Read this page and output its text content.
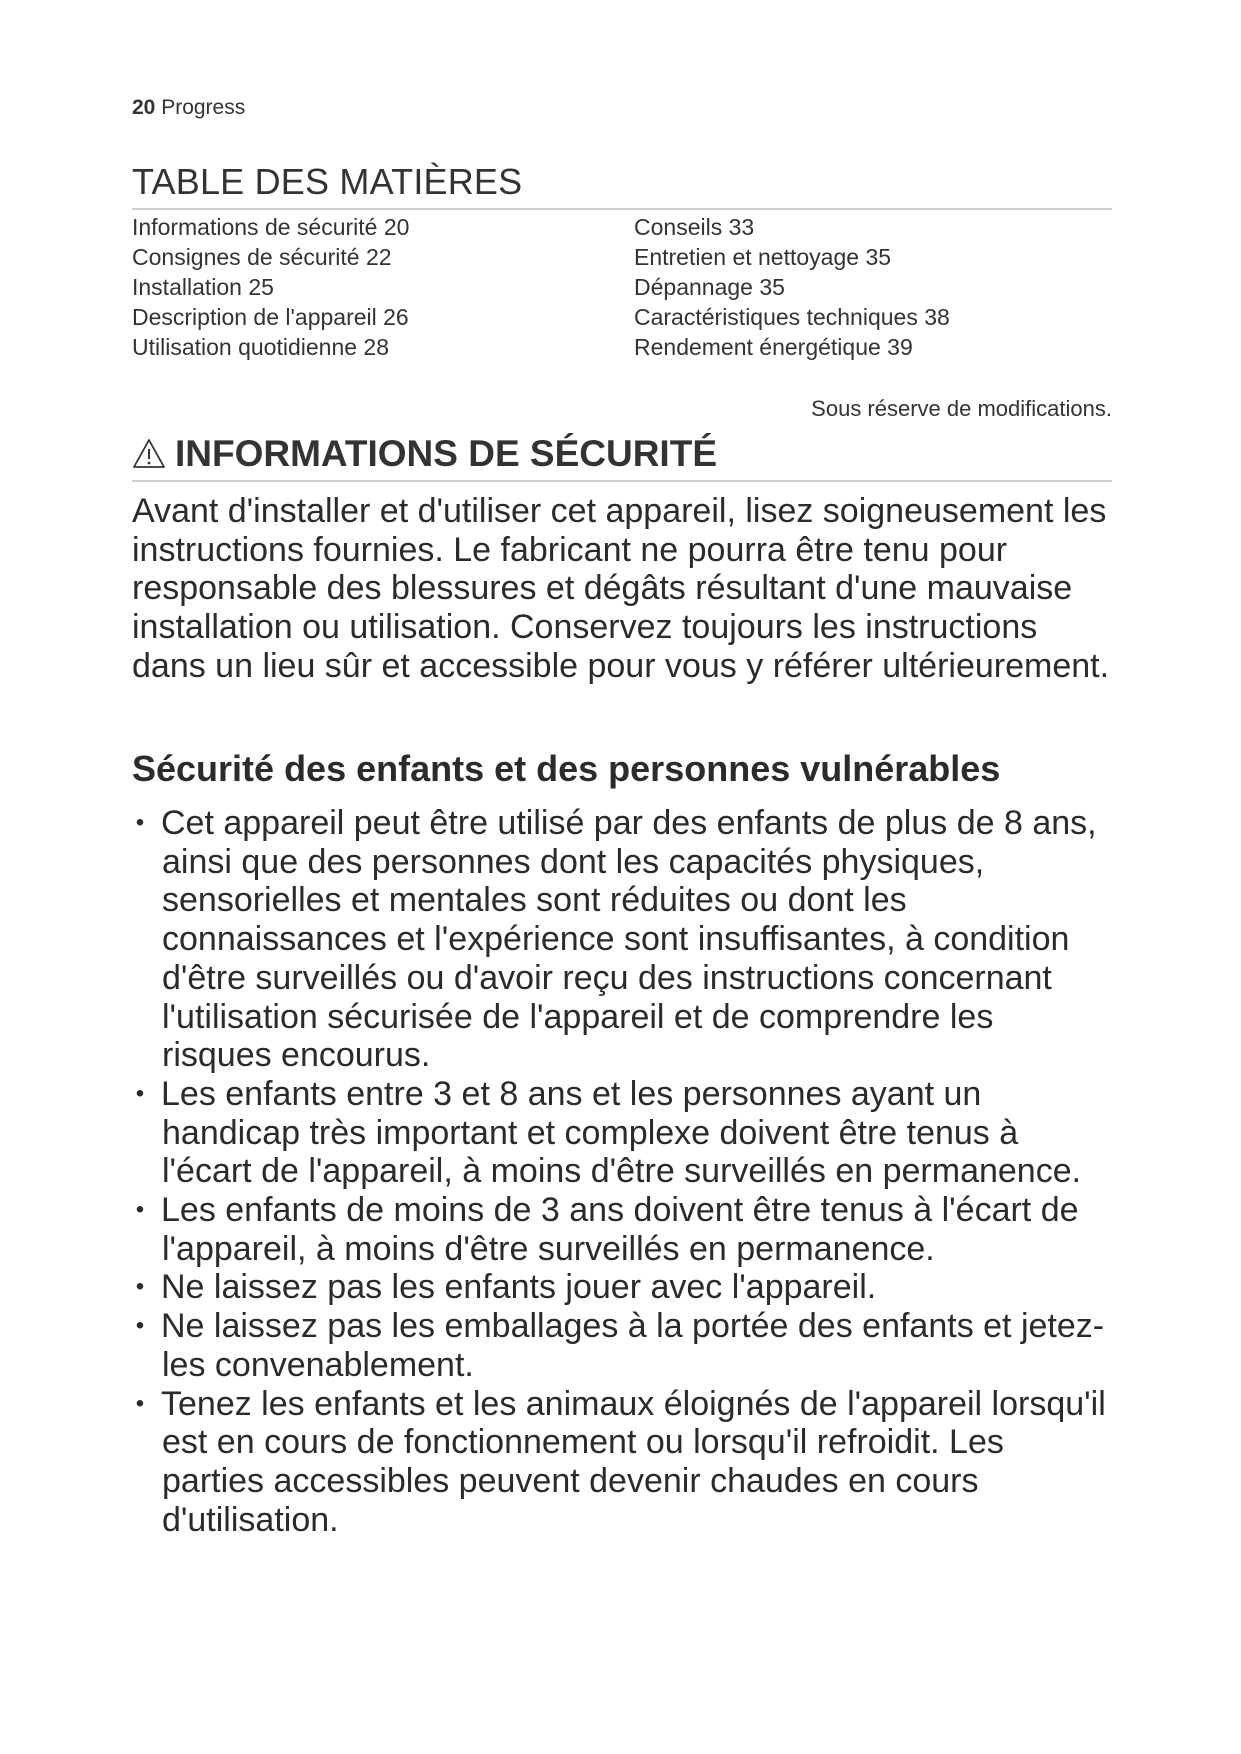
20 Progress
TABLE DES MATIÈRES
Informations de sécurité 20
Consignes de sécurité 22
Installation 25
Description de l'appareil 26
Utilisation quotidienne 28
Conseils 33
Entretien et nettoyage 35
Dépannage 35
Caractéristiques techniques 38
Rendement énergétique 39
Sous réserve de modifications.
INFORMATIONS DE SÉCURITÉ

Avant d'installer et d'utiliser cet appareil, lisez soigneusement les instructions fournies. Le fabricant ne pourra être tenu pour responsable des blessures et dégâts résultant d'une mauvaise installation ou utilisation. Conservez toujours les instructions dans un lieu sûr et accessible pour vous y référer ultérieurement.

Sécurité des enfants et des personnes vulnérables
• Cet appareil peut être utilisé par des enfants de plus de 8 ans, ainsi que des personnes dont les capacités physiques, sensorielles et mentales sont réduites ou dont les connaissances et l'expérience sont insuffisantes, à condition d'être surveillés ou d'avoir reçu des instructions concernant l'utilisation sécurisée de l'appareil et de comprendre les risques encourus.
• Les enfants entre 3 et 8 ans et les personnes ayant un handicap très important et complexe doivent être tenus à l'écart de l'appareil, à moins d'être surveillés en permanence.
• Les enfants de moins de 3 ans doivent être tenus à l'écart de l'appareil, à moins d'être surveillés en permanence.
• Ne laissez pas les enfants jouer avec l'appareil.
• Ne laissez pas les emballages à la portée des enfants et jetez-les convenablement.
• Tenez les enfants et les animaux éloignés de l'appareil lorsqu'il est en cours de fonctionnement ou lorsqu'il refroidit. Les parties accessibles peuvent devenir chaudes en cours d'utilisation.
